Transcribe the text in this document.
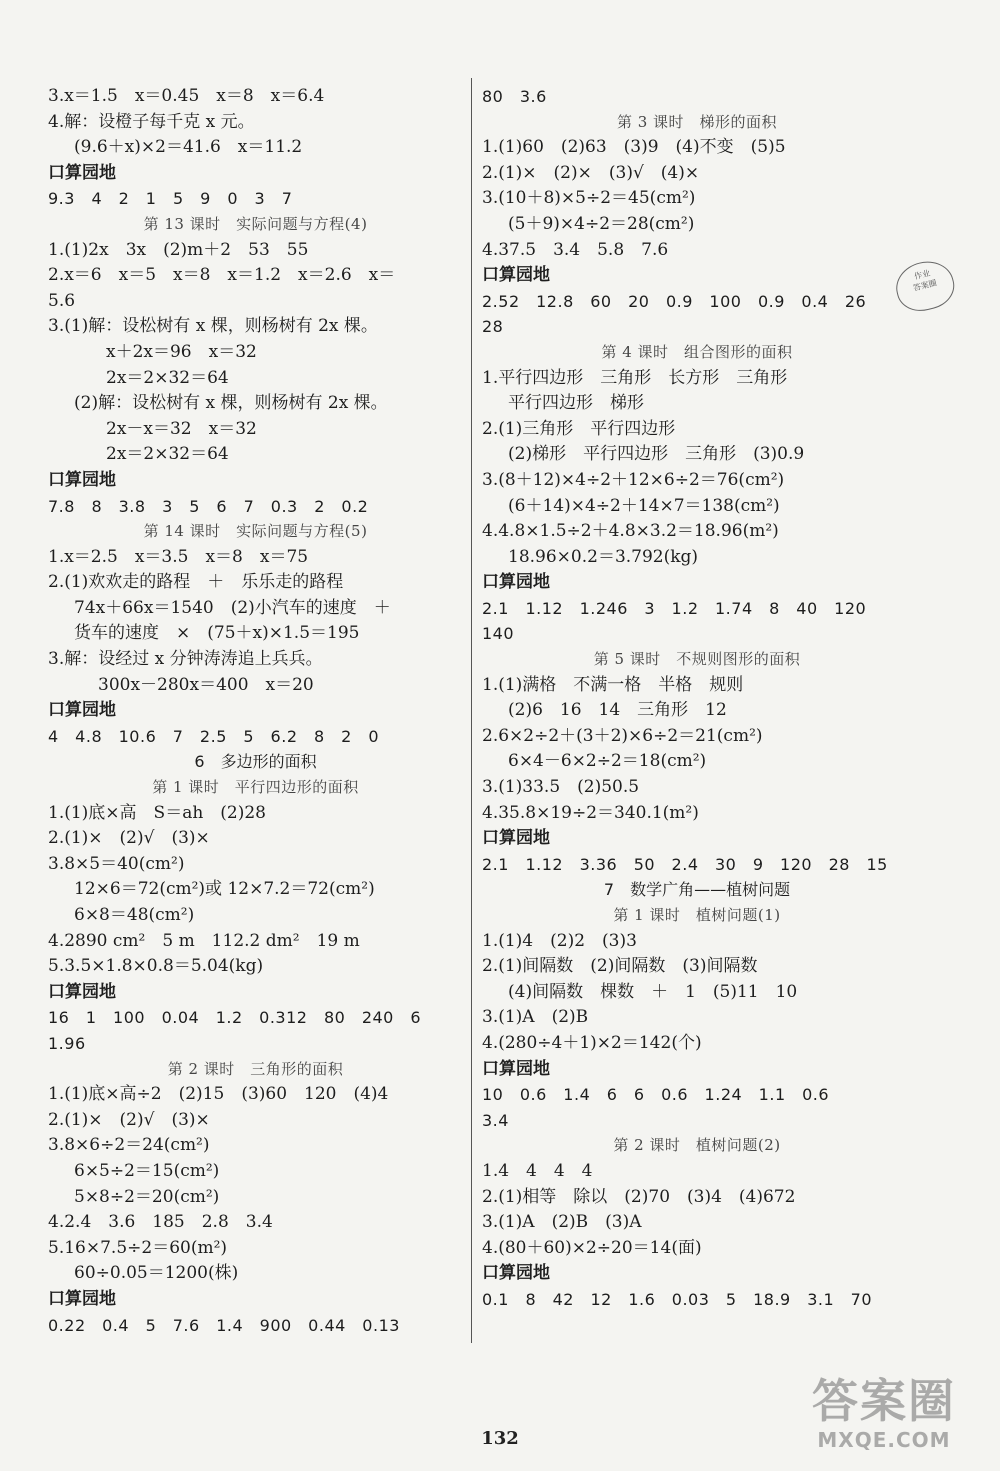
3.x＝1.5　x＝0.45　x＝8　x＝6.4
4.解：设橙子每千克 x 元。
(9.6＋x)×2＝41.6　x＝11.2
口算园地
9.3　4　2　1　5　9　0　3　7
第 13 课时　实际问题与方程(4)
1.(1)2x　3x　(2)m＋2　53　55
2.x＝6　x＝5　x＝8　x＝1.2　x＝2.6　x＝
5.6
3.(1)解：设松树有 x 棵，则杨树有 2x 棵。
x＋2x＝96　x＝32
2x＝2×32＝64
(2)解：设松树有 x 棵，则杨树有 2x 棵。
2x－x＝32　x＝32
2x＝2×32＝64
口算园地
7.8　8　3.8　3　5　6　7　0.3　2　0.2
第 14 课时　实际问题与方程(5)
1.x＝2.5　x＝3.5　x＝8　x＝75
2.(1)欢欢走的路程　＋　乐乐走的路程
74x＋66x＝1540　(2)小汽车的速度　＋
货车的速度　×　(75＋x)×1.5＝195
3.解：设经过 x 分钟涛涛追上兵兵。
300x－280x＝400　x＝20
口算园地
4　4.8　10.6　7　2.5　5　6.2　8　2　0
6　多边形的面积
第 1 课时　平行四边形的面积
1.(1)底×高　S＝ah　(2)28
2.(1)×　(2)√　(3)×
3.8×5＝40(cm²)
12×6＝72(cm²)或 12×7.2＝72(cm²)
6×8＝48(cm²)
4.2890 cm²　5 m　112.2 dm²　19 m
5.3.5×1.8×0.8＝5.04(kg)
口算园地
16　1　100　0.04　1.2　0.312　80　240　6
1.96
第 2 课时　三角形的面积
1.(1)底×高÷2　(2)15　(3)60　120　(4)4
2.(1)×　(2)√　(3)×
3.8×6÷2＝24(cm²)
6×5÷2＝15(cm²)
5×8÷2＝20(cm²)
4.2.4　3.6　185　2.8　3.4
5.16×7.5÷2＝60(m²)
60÷0.05＝1200(株)
口算园地
0.22　0.4　5　7.6　1.4　900　0.44　0.13
80　3.6
第 3 课时　梯形的面积
1.(1)60　(2)63　(3)9　(4)不变　(5)5
2.(1)×　(2)×　(3)√　(4)×
3.(10＋8)×5÷2＝45(cm²)
(5＋9)×4÷2＝28(cm²)
4.37.5　3.4　5.8　7.6
口算园地
2.52　12.8　60　20　0.9　100　0.9　0.4　26
28
第 4 课时　组合图形的面积
1.平行四边形　三角形　长方形　三角形
平行四边形　梯形
2.(1)三角形　平行四边形
(2)梯形　平行四边形　三角形　(3)0.9
3.(8＋12)×4÷2＋12×6÷2＝76(cm²)
(6＋14)×4÷2＋14×7＝138(cm²)
4.4.8×1.5÷2＋4.8×3.2＝18.96(m²)
18.96×0.2＝3.792(kg)
口算园地
2.1　1.12　1.246　3　1.2　1.74　8　40　120
140
第 5 课时　不规则图形的面积
1.(1)满格　不满一格　半格　规则
(2)6　16　14　三角形　12
2.6×2÷2＋(3＋2)×6÷2＝21(cm²)
6×4－6×2÷2＝18(cm²)
3.(1)33.5　(2)50.5
4.35.8×19÷2＝340.1(m²)
口算园地
2.1　1.12　3.36　50　2.4　30　9　120　28　15
7　数学广角——植树问题
第 1 课时　植树问题(1)
1.(1)4　(2)2　(3)3
2.(1)间隔数　(2)间隔数　(3)间隔数
(4)间隔数　棵数　＋　1　(5)11　10
3.(1)A　(2)B
4.(280÷4＋1)×2＝142(个)
口算园地
10　0.6　1.4　6　6　0.6　1.24　1.1　0.6
3.4
第 2 课时　植树问题(2)
1.4　4　4　4
2.(1)相等　除以　(2)70　(3)4　(4)672
3.(1)A　(2)B　(3)A
4.(80＋60)×2÷20＝14(面)
口算园地
0.1　8　42　12　1.6　0.03　5　18.9　3.1　70
作业
答案圈
132
答案圈
MXQE.COM
